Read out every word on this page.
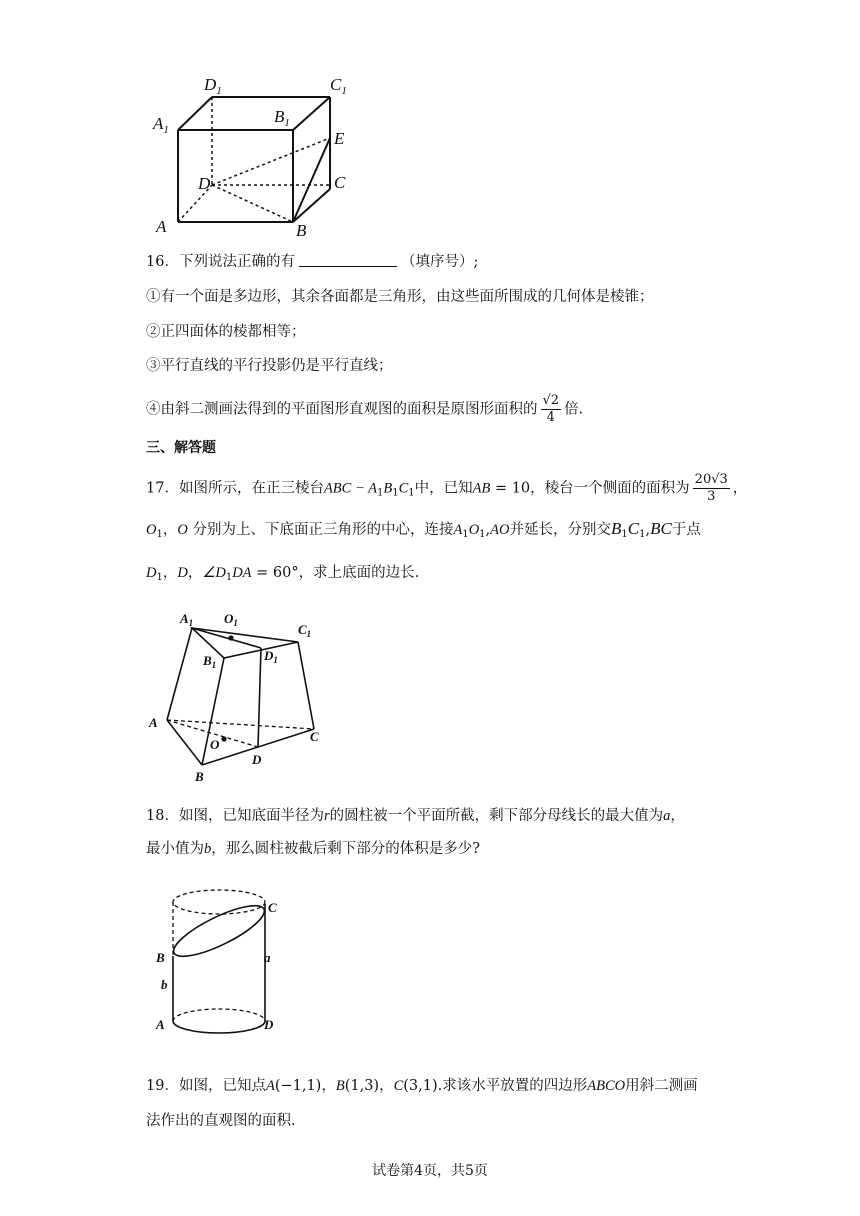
$D_1$	$C_1$
$A_1$
$B_1$
E
D	C
A	B
16．下列说法正确的有	（填序号）;
①有一个面是多边形，其余各面都是三角形，由这些面所围成的几何体是棱锥；
②正四面体的棱都相等；
③平行直线的平行投影仍是平行直线；
④由斜二测画法得到的平面图形直观图的面积是原图形面积的 $\frac{√2}{4}$ 倍.
三、解答题
17．如图所示，在正三棱台ABC − $A_1B_1C_1$中，已知AB = 10，棱台一个侧面的面积为 $\frac{20√3}{3}$ ，
$O_1$，O 分别为上、下底面正三角形的中心，连接$A_1O_1,AO$并延长，分别交$B_1C_1,BC$于点
$D_1$，D，$\angle D_1DA = 60^\circ$，求上底面的边长.
$A_1$ $O_1$	$C_1$
$B_1$
$D_1$
A
O
C
D
B
18．如图，已知底面半径为r的圆柱被一个平面所截，剩下部分母线长的最大值为a，
最小值为b，那么圆柱被截后剩下部分的体积是多少?
C
B	a
b
A	D
19．如图，已知点A(−1,1)，B(1,3)，C(3,1).求该水平放置的四边形ABCO用斜二测画
法作出的直观图的面积.
试卷第4页，共5页
